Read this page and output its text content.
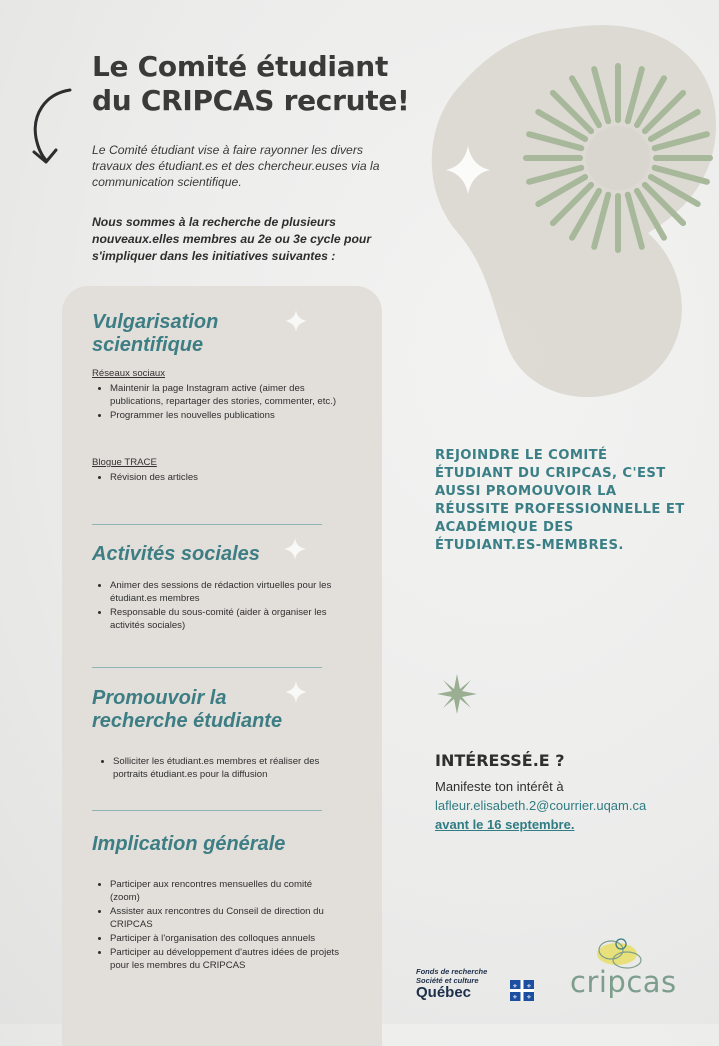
Le Comité étudiant
du CRIPCAS recrute!

Le Comité étudiant vise à faire rayonner les divers travaux des étudiant.es et des chercheur.euses via la communication scientifique.

Nous sommes à la recherche de plusieurs nouveaux.elles membres au 2e ou 3e cycle pour s'impliquer dans les initiatives suivantes :

Vulgarisation
scientifique
Réseaux sociaux
• Maintenir la page Instagram active (aimer des publications, repartager des stories, commenter, etc.)
• Programmer les nouvelles publications
Blogue TRACE
• Révision des articles
Activités sociales
• Animer des sessions de rédaction virtuelles pour les étudiant.es membres
• Responsable du sous-comité (aider à organiser les activités sociales)
Promouvoir la
recherche étudiante
• Solliciter les étudiant.es membres et réaliser des portraits étudiant.es pour la diffusion
Implication générale
• Participer aux rencontres mensuelles du comité (zoom)
• Assister aux rencontres du Conseil de direction du CRIPCAS
• Participer à l'organisation des colloques annuels
• Participer au développement d'autres idées de projets pour les membres du CRIPCAS

REJOINDRE LE COMITÉ ÉTUDIANT DU CRIPCAS, C'EST AUSSI PROMOUVOIR LA RÉUSSITE PROFESSIONNELLE ET ACADÉMIQUE DES ÉTUDIANT.ES-MEMBRES.

INTÉRESSÉ.E ?
Manifeste ton intérêt à
lafleur.elisabeth.2@courrier.uqam.ca
avant le 16 septembre.
Fonds de recherche
Société et culture
Québec	⚜ ⚜
⚜ ⚜ cripcas
